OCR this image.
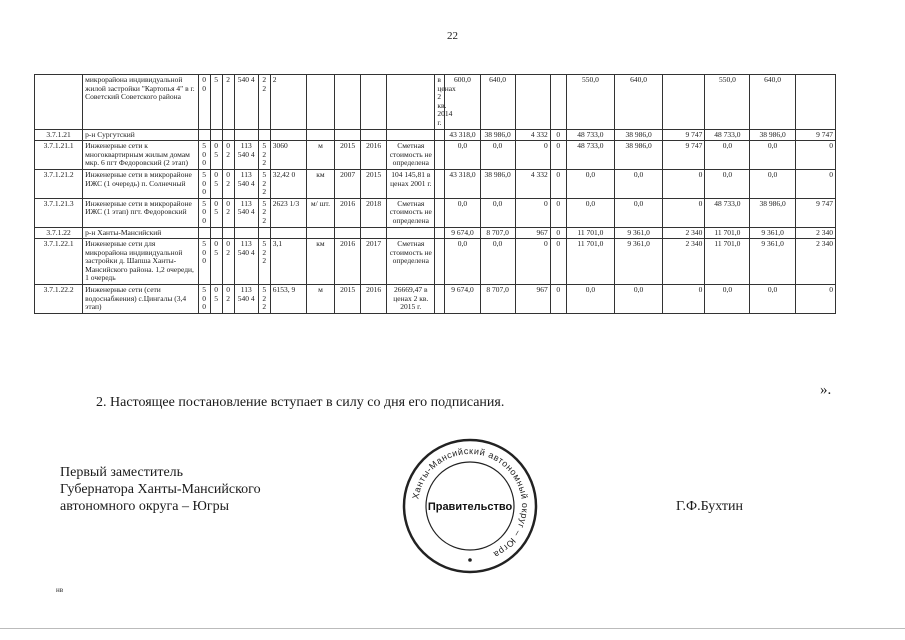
22
	микрорайона индивидуальной жилой застройки "Картопья 4" в г. Советский Советского района	0 0	5	2	540 4	2 2	2					в ценах 2 кв. 2014 г.	600,0	640,0			550,0	640,0		550,0	640,0	
3.7.1.21	р-н Сургутский												43 318,0	38 986,0	4 332	0	48 733,0	38 986,0	9 747	48 733,0	38 986,0	9 747
3.7.1.21.1	Инженерные сети к многоквартирным жилым домам мкр. 6 пгт Федоровский (2 этап)	5 0 0	0 5	0 2	113 540 4	5 2 2	3060	м	2015	2016	Сметная стоимость не определена		0,0	0,0	0	0	48 733,0	38 986,0	9 747	0,0	0,0	0
3.7.1.21.2	Инженерные сети в микрорайоне ИЖС (1 очередь) п. Солнечный	5 0 0	0 5	0 2	113 540 4	5 2 2	32,42 0	км	2007	2015	104 145,81 в ценах 2001 г.		43 318,0	38 986,0	4 332	0	0,0	0,0	0	0,0	0,0	0
3.7.1.21.3	Инженерные сети в микрорайоне ИЖС (1 этап) пгт. Федоровский	5 0 0	0 5	0 2	113 540 4	5 2 2	2623 1/3	м/ шт.	2016	2018	Сметная стоимость не определена		0,0	0,0	0	0	0,0	0,0	0	48 733,0	38 986,0	9 747
3.7.1.22	р-н Ханты-Мансийский												9 674,0	8 707,0	967	0	11 701,0	9 361,0	2 340	11 701,0	9 361,0	2 340
3.7.1.22.1	Инженерные сети для микрорайона индивидуальной застройки д. Шапша Ханты-Мансийского района. 1,2 очереди, 1 очередь	5 0 0	0 5	0 2	113 540 4	5 2 2	3,1	км	2016	2017	Сметная стоимость не определена		0,0	0,0	0	0	11 701,0	9 361,0	2 340	11 701,0	9 361,0	2 340
3.7.1.22.2	Инженерные сети (сети водоснабжения) с.Цингалы (3,4 этап)	5 0 0	0 5	0 2	113 540 4	5 2 2	6153, 9	м	2015	2016	26669,47 в ценах 2 кв. 2015 г.		9 674,0	8 707,0	967	0	0,0	0,0	0	0,0	0,0	0
».
2. Настоящее постановление вступает в силу со дня его подписания.
Первый заместитель
Губернатора Ханты-Мансийского
автономного округа – Югры
Ханты-Мансийский автономный округ – Югра
Правительство	Г.Ф.Бухтин
нв
